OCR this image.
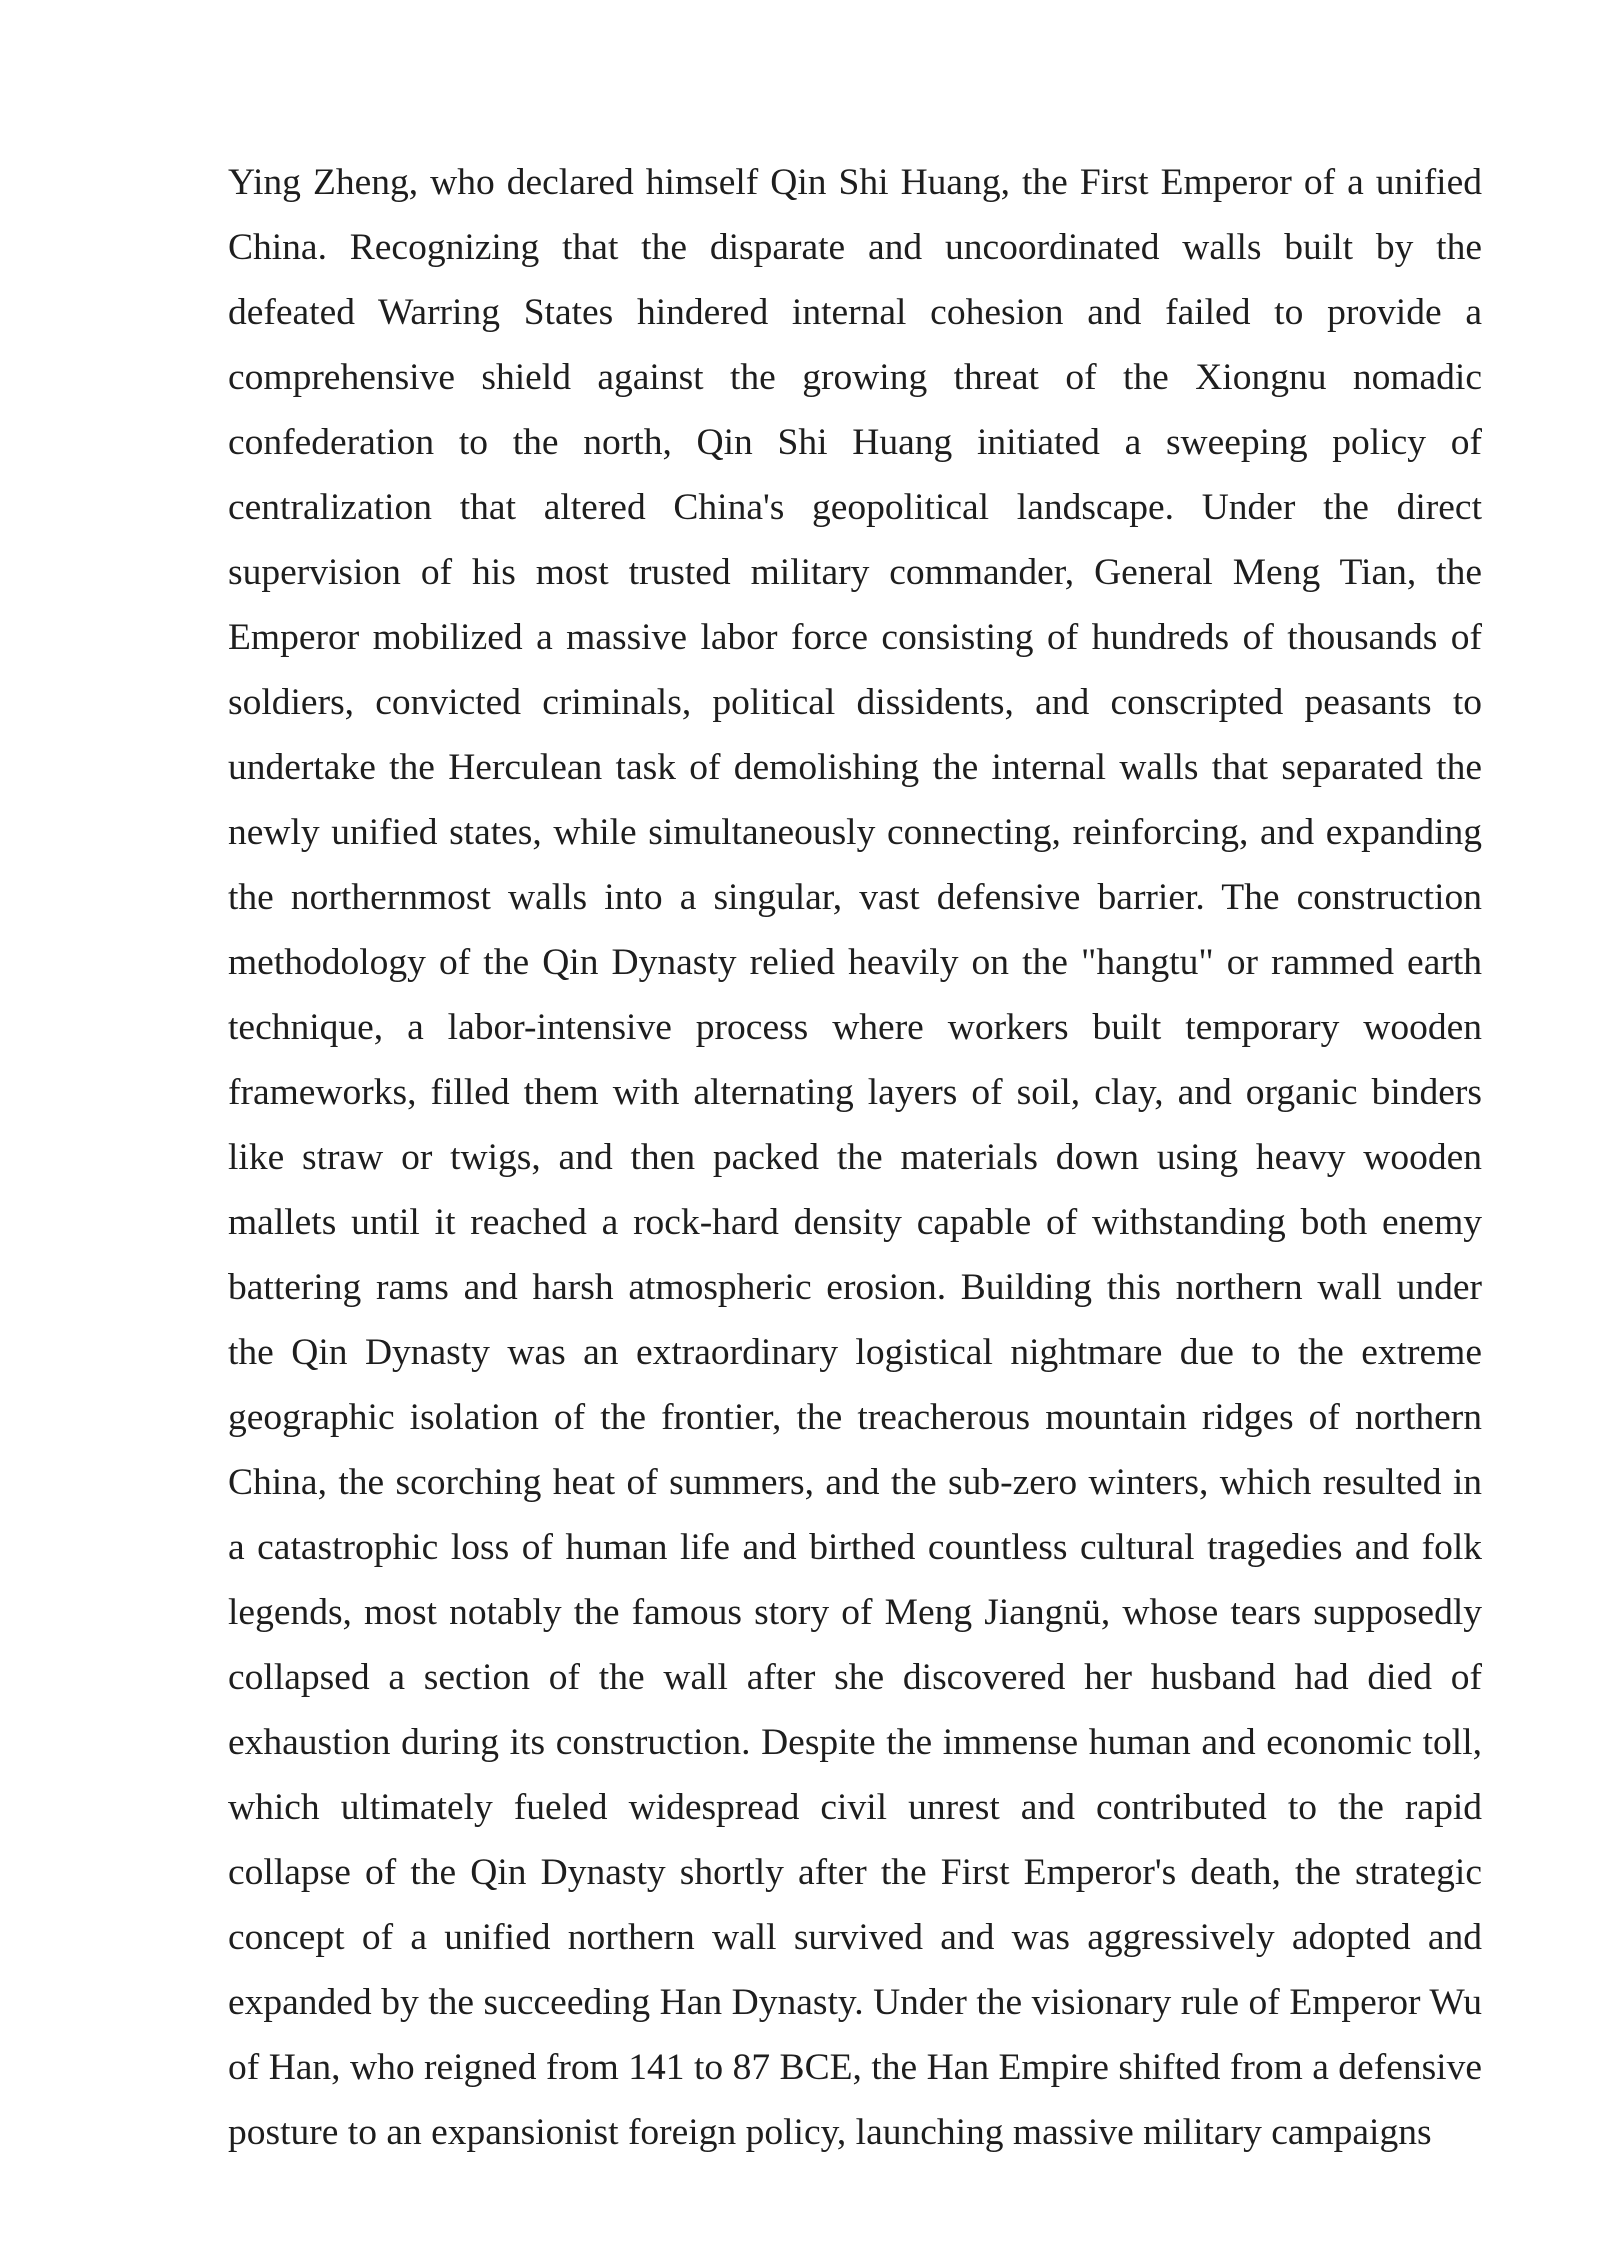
Ying Zheng, who declared himself Qin Shi Huang, the First Emperor of a unified China. Recognizing that the disparate and uncoordinated walls built by the defeated Warring States hindered internal cohesion and failed to provide a comprehensive shield against the growing threat of the Xiongnu nomadic confederation to the north, Qin Shi Huang initiated a sweeping policy of centralization that altered China's geopolitical landscape. Under the direct supervision of his most trusted military commander, General Meng Tian, the Emperor mobilized a massive labor force consisting of hundreds of thousands of soldiers, convicted criminals, political dissidents, and conscripted peasants to undertake the Herculean task of demolishing the internal walls that separated the newly unified states, while simultaneously connecting, reinforcing, and expanding the northernmost walls into a singular, vast defensive barrier. The construction methodology of the Qin Dynasty relied heavily on the "hangtu" or rammed earth technique, a labor-intensive process where workers built temporary wooden frameworks, filled them with alternating layers of soil, clay, and organic binders like straw or twigs, and then packed the materials down using heavy wooden mallets until it reached a rock-hard density capable of withstanding both enemy battering rams and harsh atmospheric erosion. Building this northern wall under the Qin Dynasty was an extraordinary logistical nightmare due to the extreme geographic isolation of the frontier, the treacherous mountain ridges of northern China, the scorching heat of summers, and the sub-zero winters, which resulted in a catastrophic loss of human life and birthed countless cultural tragedies and folk legends, most notably the famous story of Meng Jiangnü, whose tears supposedly collapsed a section of the wall after she discovered her husband had died of exhaustion during its construction. Despite the immense human and economic toll, which ultimately fueled widespread civil unrest and contributed to the rapid collapse of the Qin Dynasty shortly after the First Emperor's death, the strategic concept of a unified northern wall survived and was aggressively adopted and expanded by the succeeding Han Dynasty. Under the visionary rule of Emperor Wu of Han, who reigned from 141 to 87 BCE, the Han Empire shifted from a defensive posture to an expansionist foreign policy, launching massive military campaigns
